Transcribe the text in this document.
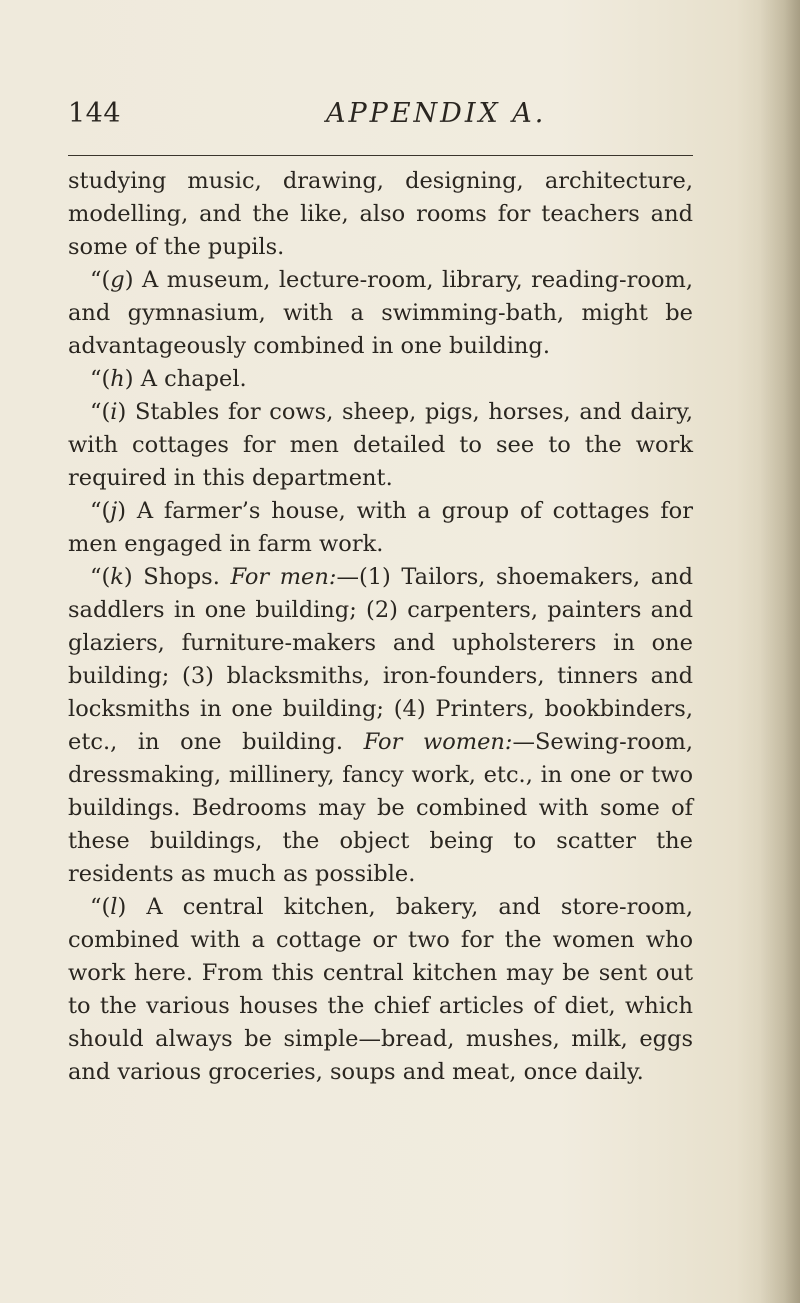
144	APPENDIX A.

studying music, drawing, designing, architecture, modelling, and the like, also rooms for teachers and some of the pupils.

“(g) A museum, lecture-room, library, reading-room, and gymnasium, with a swimming-bath, might be advantageously combined in one building.

“(h) A chapel.

“(i) Stables for cows, sheep, pigs, horses, and dairy, with cottages for men detailed to see to the work required in this department.

“(j) A farmer’s house, with a group of cottages for men engaged in farm work.

“(k) Shops. For men:—(1) Tailors, shoemakers, and saddlers in one building; (2) carpenters, painters and glaziers, furniture-makers and upholsterers in one building; (3) blacksmiths, iron-founders, tinners and locksmiths in one building; (4) Printers, bookbinders, etc., in one building. For women:—Sewing-room, dressmaking, millinery, fancy work, etc., in one or two buildings. Bedrooms may be combined with some of these buildings, the object being to scatter the residents as much as possible.

“(l) A central kitchen, bakery, and store-room, combined with a cottage or two for the women who work here. From this central kitchen may be sent out to the various houses the chief articles of diet, which should always be simple—bread, mushes, milk, eggs and various groceries, soups and meat, once daily.
